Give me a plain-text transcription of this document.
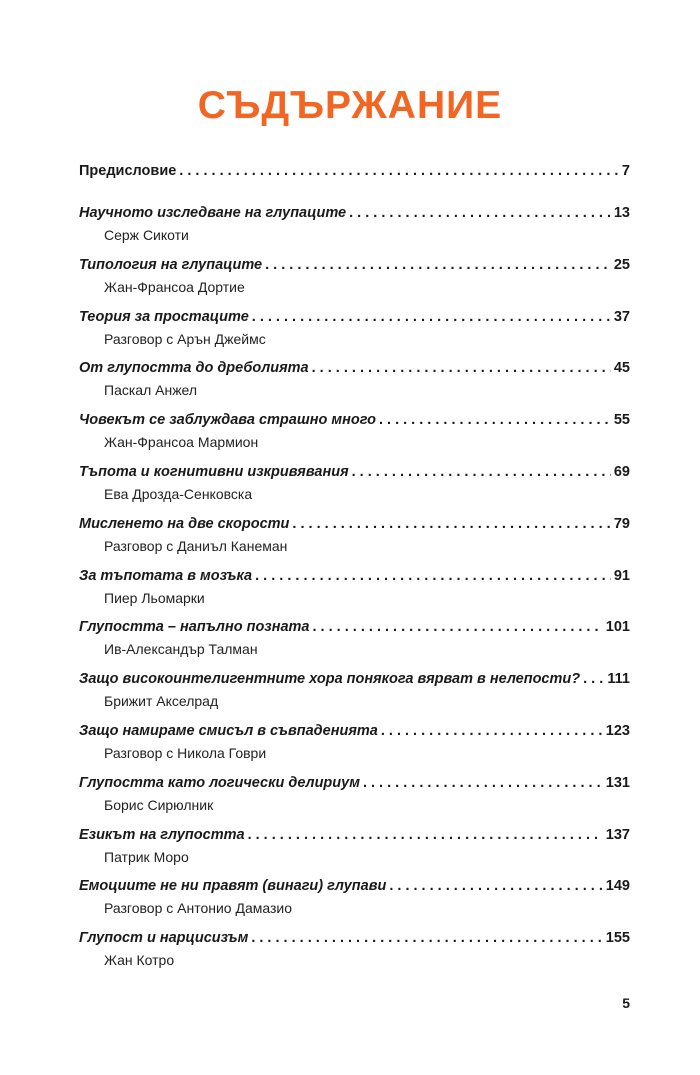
СЪДЪРЖАНИЕ
Предисловие . . .	7
Научното изследване на глупаците . . .	13
Серж Сикоти
Типология на глупаците . . .	25
Жан-Франсоа Дортие
Теория за простаците . . .	37
Разговор с Арън Джеймс
От глупостта до дреболията . . .	45
Паскал Анжел
Човекът се заблуждава страшно много . . .	55
Жан-Франсоа Мармион
Тъпота и когнитивни изкривявания . . .	69
Ева Дрозда-Сенковска
Мисленето на две скорости . . .	79
Разговор с Даниъл Канеман
За тъпотата в мозъка . . .	91
Пиер Льомарки
Глупостта – напълно позната . . .	101
Ив-Александър Талман
Защо високоинтелигентните хора понякога вярват в нелепости? . . . 111
Брижит Акселрад
Защо намираме смисъл в съвпаденията . . .	123
Разговор с Никола Говри
Глупостта като логически делириум . . .	131
Борис Сирюлник
Езикът на глупостта . . .	137
Патрик Моро
Емоциите не ни правят (винаги) глупави . . .	149
Разговор с Антонио Дамазио
Глупост и нарцисизъм . . .	155
Жан Котро

5
